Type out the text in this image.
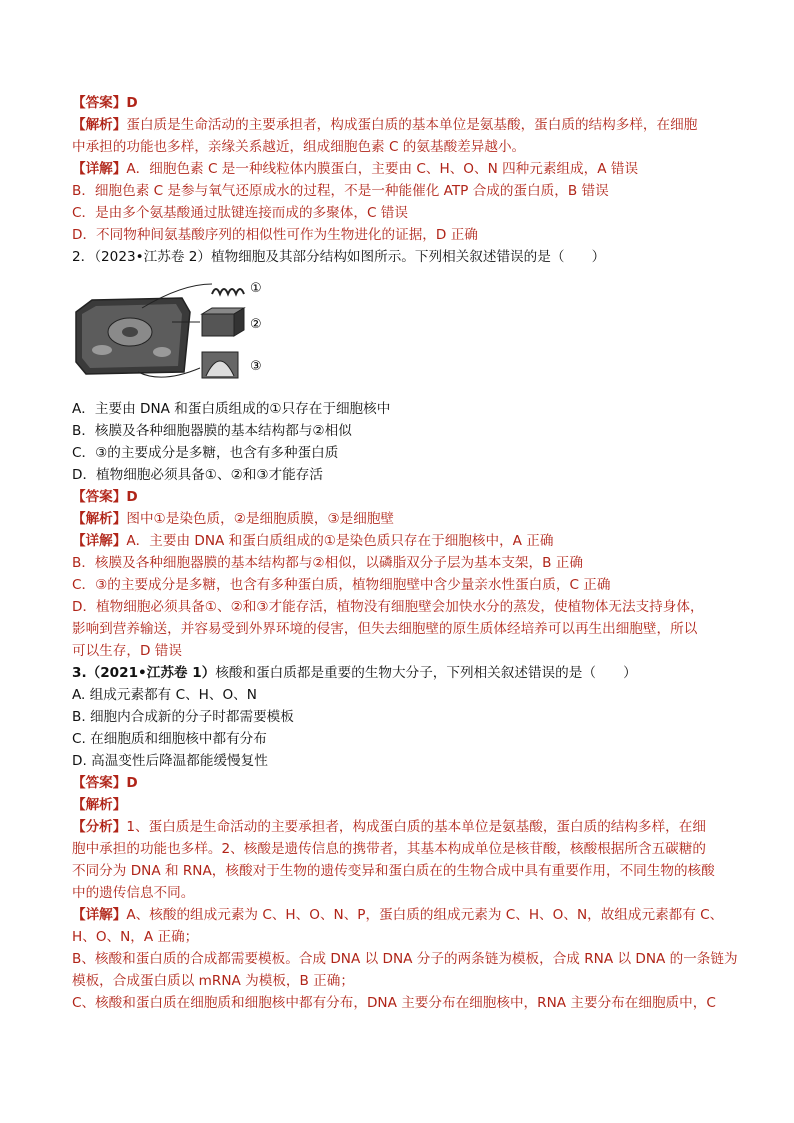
【答案】D
【解析】蛋白质是生命活动的主要承担者，构成蛋白质的基本单位是氨基酸，蛋白质的结构多样，在细胞
中承担的功能也多样，亲缘关系越近，组成细胞色素 C 的氨基酸差异越小。
【详解】A．细胞色素 C 是一种线粒体内膜蛋白，主要由 C、H、O、N 四种元素组成，A 错误
B．细胞色素 C 是参与氧气还原成水的过程，不是一种能催化 ATP 合成的蛋白质，B 错误
C．是由多个氨基酸通过肽键连接而成的多聚体，C 错误
D．不同物种间氨基酸序列的相似性可作为生物进化的证据，D 正确
2．（2023•江苏卷 2）植物细胞及其部分结构如图所示。下列相关叙述错误的是（　　）
①
②
③
A．主要由 DNA 和蛋白质组成的①只存在于细胞核中
B．核膜及各种细胞器膜的基本结构都与②相似
C．③的主要成分是多糖，也含有多种蛋白质
D．植物细胞必须具备①、②和③才能存活
【答案】D
【解析】图中①是染色质，②是细胞质膜，③是细胞壁
【详解】A．主要由 DNA 和蛋白质组成的①是染色质只存在于细胞核中，A 正确
B．核膜及各种细胞器膜的基本结构都与②相似，以磷脂双分子层为基本支架，B 正确
C．③的主要成分是多糖，也含有多种蛋白质，植物细胞壁中含少量亲水性蛋白质，C 正确
D．植物细胞必须具备①、②和③才能存活，植物没有细胞壁会加快水分的蒸发，使植物体无法支持身体，
影响到营养输送，并容易受到外界环境的侵害，但失去细胞壁的原生质体经培养可以再生出细胞壁，所以
可以生存，D 错误
3.（2021•江苏卷 1）核酸和蛋白质都是重要的生物大分子，下列相关叙述错误的是（　　）
A. 组成元素都有 C、H、O、N
B. 细胞内合成新的分子时都需要模板
C. 在细胞质和细胞核中都有分布
D. 高温变性后降温都能缓慢复性
【答案】D
【解析】
【分析】1、蛋白质是生命活动的主要承担者，构成蛋白质的基本单位是氨基酸，蛋白质的结构多样，在细
胞中承担的功能也多样。2、核酸是遗传信息的携带者，其基本构成单位是核苷酸，核酸根据所含五碳糖的
不同分为 DNA 和 RNA，核酸对于生物的遗传变异和蛋白质在的生物合成中具有重要作用，不同生物的核酸
中的遗传信息不同。
【详解】A、核酸的组成元素为 C、H、O、N、P，蛋白质的组成元素为 C、H、O、N，故组成元素都有 C、
H、O、N，A 正确；
B、核酸和蛋白质的合成都需要模板。合成 DNA 以 DNA 分子的两条链为模板，合成 RNA 以 DNA 的一条链为
模板，合成蛋白质以 mRNA 为模板，B 正确；
C、核酸和蛋白质在细胞质和细胞核中都有分布，DNA 主要分布在细胞核中，RNA 主要分布在细胞质中，C
